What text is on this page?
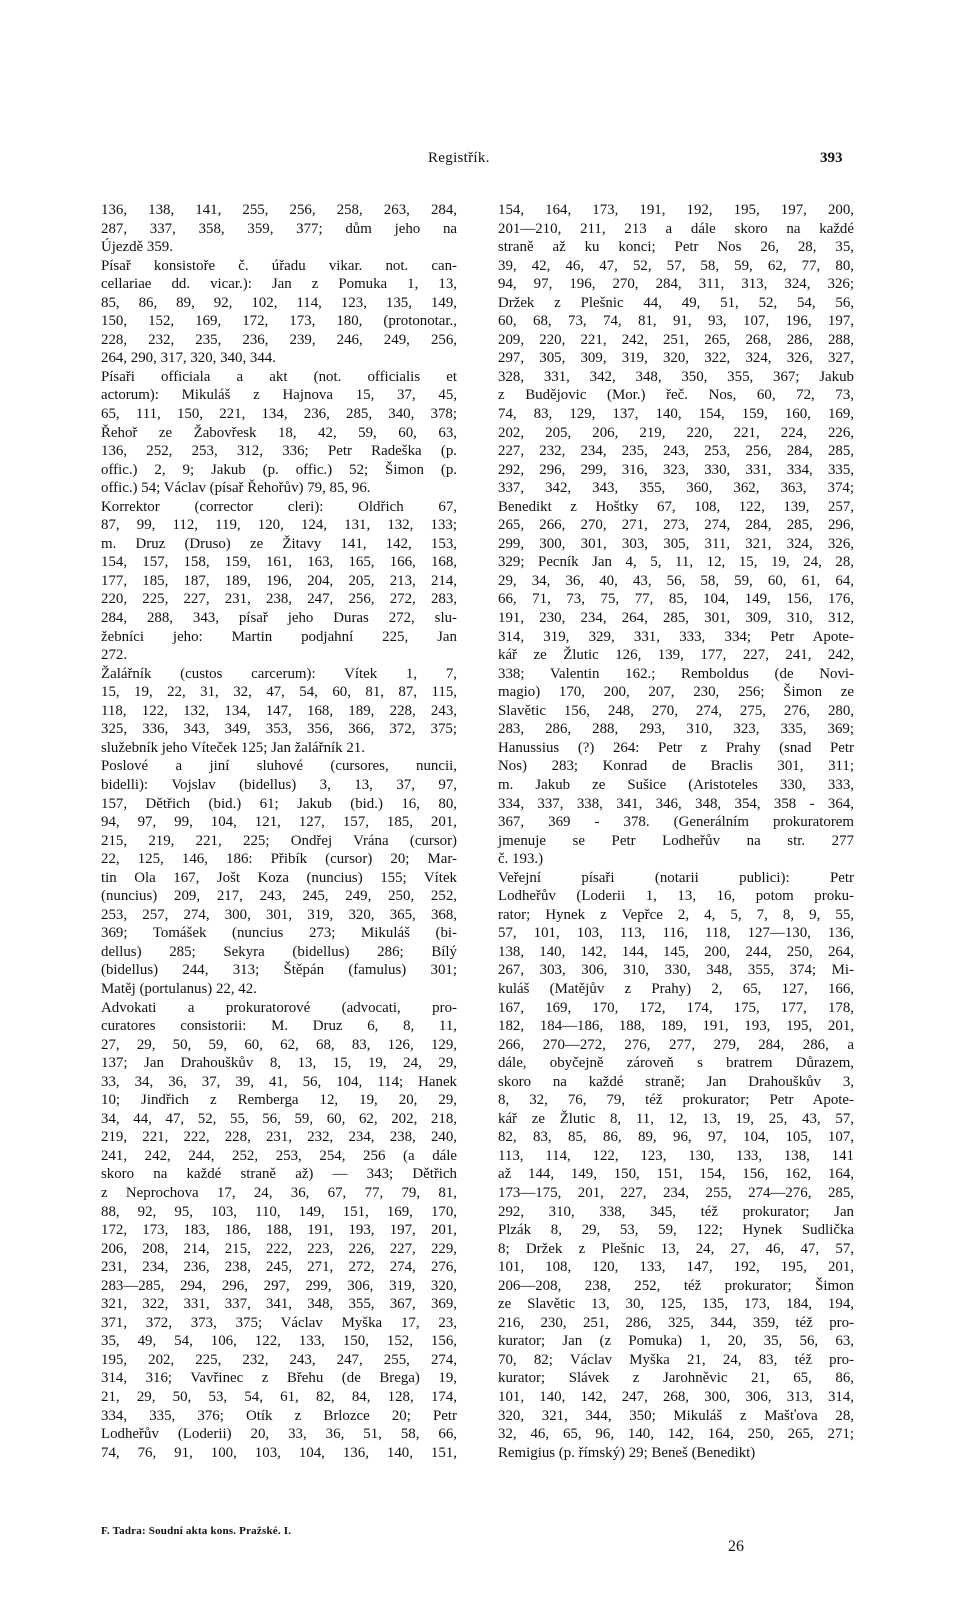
Registřík.	393
136, 138, 141, 255, 256, 258, 263, 284,
287, 337, 358, 359, 377; dům jeho na
Újezdě 359.
Písař konsistoře č. úřadu vikar. not. can-
cellariae dd. vicar.): Jan z Pomuka 1, 13,
85, 86, 89, 92, 102, 114, 123, 135, 149,
150, 152, 169, 172, 173, 180, (protonotar.,
228, 232, 235, 236, 239, 246, 249, 256,
264, 290, 317, 320, 340, 344.
Písaři officiala a akt (not. officialis et
actorum): Mikuláš z Hajnova 15, 37, 45,
65, 111, 150, 221, 134, 236, 285, 340, 378;
Řehoř ze Žabovřesk 18, 42, 59, 60, 63,
136, 252, 253, 312, 336; Petr Radeška (p.
offic.) 2, 9; Jakub (p. offic.) 52; Šimon (p.
offic.) 54; Václav (písař Řehořův) 79, 85, 96.
Korrektor (corrector cleri): Oldřich 67,
87, 99, 112, 119, 120, 124, 131, 132, 133;
m. Druz (Druso) ze Žitavy 141, 142, 153,
154, 157, 158, 159, 161, 163, 165, 166, 168,
177, 185, 187, 189, 196, 204, 205, 213, 214,
220, 225, 227, 231, 238, 247, 256, 272, 283,
284, 288, 343, písař jeho Duras 272, slu-
žebníci jeho: Martin podjahní 225, Jan
272.
Žalářník (custos carcerum): Vítek 1, 7,
15, 19, 22, 31, 32, 47, 54, 60, 81, 87, 115,
118, 122, 132, 134, 147, 168, 189, 228, 243,
325, 336, 343, 349, 353, 356, 366, 372, 375;
služebník jeho Víteček 125; Jan žalářník 21.
Poslové a jiní sluhové (cursores, nuncii,
bidelli): Vojslav (bidellus) 3, 13, 37, 97,
157, Dětřich (bid.) 61; Jakub (bid.) 16, 80,
94, 97, 99, 104, 121, 127, 157, 185, 201,
215, 219, 221, 225; Ondřej Vrána (cursor)
22, 125, 146, 186: Přibík (cursor) 20; Mar-
tin Ola 167, Jošt Koza (nuncius) 155; Vítek
(nuncius) 209, 217, 243, 245, 249, 250, 252,
253, 257, 274, 300, 301, 319, 320, 365, 368,
369; Tomášek (nuncius 273; Mikuláš (bi-
dellus) 285; Sekyra (bidellus) 286; Bílý
(bidellus) 244, 313; Štěpán (famulus) 301;
Matěj (portulanus) 22, 42.
Advokati a prokuratorové (advocati, pro-
curatores consistorii: M. Druz 6, 8, 11,
27, 29, 50, 59, 60, 62, 68, 83, 126, 129,
137; Jan Drahouškův 8, 13, 15, 19, 24, 29,
33, 34, 36, 37, 39, 41, 56, 104, 114; Hanek
10; Jindřich z Remberga 12, 19, 20, 29,
34, 44, 47, 52, 55, 56, 59, 60, 62, 202, 218,
219, 221, 222, 228, 231, 232, 234, 238, 240,
241, 242, 244, 252, 253, 254, 256 (a dále
skoro na každé straně až) — 343; Dětřich
z Neprochova 17, 24, 36, 67, 77, 79, 81,
88, 92, 95, 103, 110, 149, 151, 169, 170,
172, 173, 183, 186, 188, 191, 193, 197, 201,
206, 208, 214, 215, 222, 223, 226, 227, 229,
231, 234, 236, 238, 245, 271, 272, 274, 276,
283—285, 294, 296, 297, 299, 306, 319, 320,
321, 322, 331, 337, 341, 348, 355, 367, 369,
371, 372, 373, 375; Václav Myška 17, 23,
35, 49, 54, 106, 122, 133, 150, 152, 156,
195, 202, 225, 232, 243, 247, 255, 274,
314, 316; Vavřinec z Břehu (de Brega) 19,
21, 29, 50, 53, 54, 61, 82, 84, 128, 174,
334, 335, 376; Otík z Brlozce 20; Petr
Lodheřův (Loderii) 20, 33, 36, 51, 58, 66,
74, 76, 91, 100, 103, 104, 136, 140, 151,
154, 164, 173, 191, 192, 195, 197, 200,
201—210, 211, 213 a dále skoro na každé
straně až ku konci; Petr Nos 26, 28, 35,
39, 42, 46, 47, 52, 57, 58, 59, 62, 77, 80,
94, 97, 196, 270, 284, 311, 313, 324, 326;
Držek z Plešnic 44, 49, 51, 52, 54, 56,
60, 68, 73, 74, 81, 91, 93, 107, 196, 197,
209, 220, 221, 242, 251, 265, 268, 286, 288,
297, 305, 309, 319, 320, 322, 324, 326, 327,
328, 331, 342, 348, 350, 355, 367; Jakub
z Budějovic (Mor.) řeč. Nos, 60, 72, 73,
74, 83, 129, 137, 140, 154, 159, 160, 169,
202, 205, 206, 219, 220, 221, 224, 226,
227, 232, 234, 235, 243, 253, 256, 284, 285,
292, 296, 299, 316, 323, 330, 331, 334, 335,
337, 342, 343, 355, 360, 362, 363, 374;
Benedikt z Hoštky 67, 108, 122, 139, 257,
265, 266, 270, 271, 273, 274, 284, 285, 296,
299, 300, 301, 303, 305, 311, 321, 324, 326,
329; Pecník Jan 4, 5, 11, 12, 15, 19, 24, 28,
29, 34, 36, 40, 43, 56, 58, 59, 60, 61, 64,
66, 71, 73, 75, 77, 85, 104, 149, 156, 176,
191, 230, 234, 264, 285, 301, 309, 310, 312,
314, 319, 329, 331, 333, 334; Petr Apote-
kář ze Žlutic 126, 139, 177, 227, 241, 242,
338; Valentin 162.; Remboldus (de Novi-
magio) 170, 200, 207, 230, 256; Šimon ze
Slavětic 156, 248, 270, 274, 275, 276, 280,
283, 286, 288, 293, 310, 323, 335, 369;
Hanussius (?) 264: Petr z Prahy (snad Petr
Nos) 283; Konrad de Braclis 301, 311;
m. Jakub ze Sušice (Aristoteles 330, 333,
334, 337, 338, 341, 346, 348, 354, 358 - 364,
367, 369 - 378. (Generálním prokuratorem
jmenuje se Petr Lodheřův na str. 277
č. 193.)
Veřejní písaři (notarii publici): Petr
Lodheřův (Loderii 1, 13, 16, potom proku-
rator; Hynek z Vepřce 2, 4, 5, 7, 8, 9, 55,
57, 101, 103, 113, 116, 118, 127—130, 136,
138, 140, 142, 144, 145, 200, 244, 250, 264,
267, 303, 306, 310, 330, 348, 355, 374; Mi-
kuláš (Matějův z Prahy) 2, 65, 127, 166,
167, 169, 170, 172, 174, 175, 177, 178,
182, 184—186, 188, 189, 191, 193, 195, 201,
266, 270—272, 276, 277, 279, 284, 286, a
dále, obyčejně zároveň s bratrem Důrazem,
skoro na každé straně; Jan Drahouškův 3,
8, 32, 76, 79, též prokurator; Petr Apote-
kář ze Žlutic 8, 11, 12, 13, 19, 25, 43, 57,
82, 83, 85, 86, 89, 96, 97, 104, 105, 107,
113, 114, 122, 123, 130, 133, 138, 141
až 144, 149, 150, 151, 154, 156, 162, 164,
173—175, 201, 227, 234, 255, 274—276, 285,
292, 310, 338, 345, též prokurator; Jan
Plzák 8, 29, 53, 59, 122; Hynek Sudlička
8; Držek z Plešnic 13, 24, 27, 46, 47, 57,
101, 108, 120, 133, 147, 192, 195, 201,
206—208, 238, 252, též prokurator; Šimon
ze Slavětic 13, 30, 125, 135, 173, 184, 194,
216, 230, 251, 286, 325, 344, 359, též pro-
kurator; Jan (z Pomuka) 1, 20, 35, 56, 63,
70, 82; Václav Myška 21, 24, 83, též pro-
kurator; Slávek z Jarohněvic 21, 65, 86,
101, 140, 142, 247, 268, 300, 306, 313, 314,
320, 321, 344, 350; Mikuláš z Mašťova 28,
32, 46, 65, 96, 140, 142, 164, 250, 265, 271;
Remigius (p. římský) 29; Beneš (Benedikt)
F. Tadra: Soudní akta kons. Pražské. I.
26
